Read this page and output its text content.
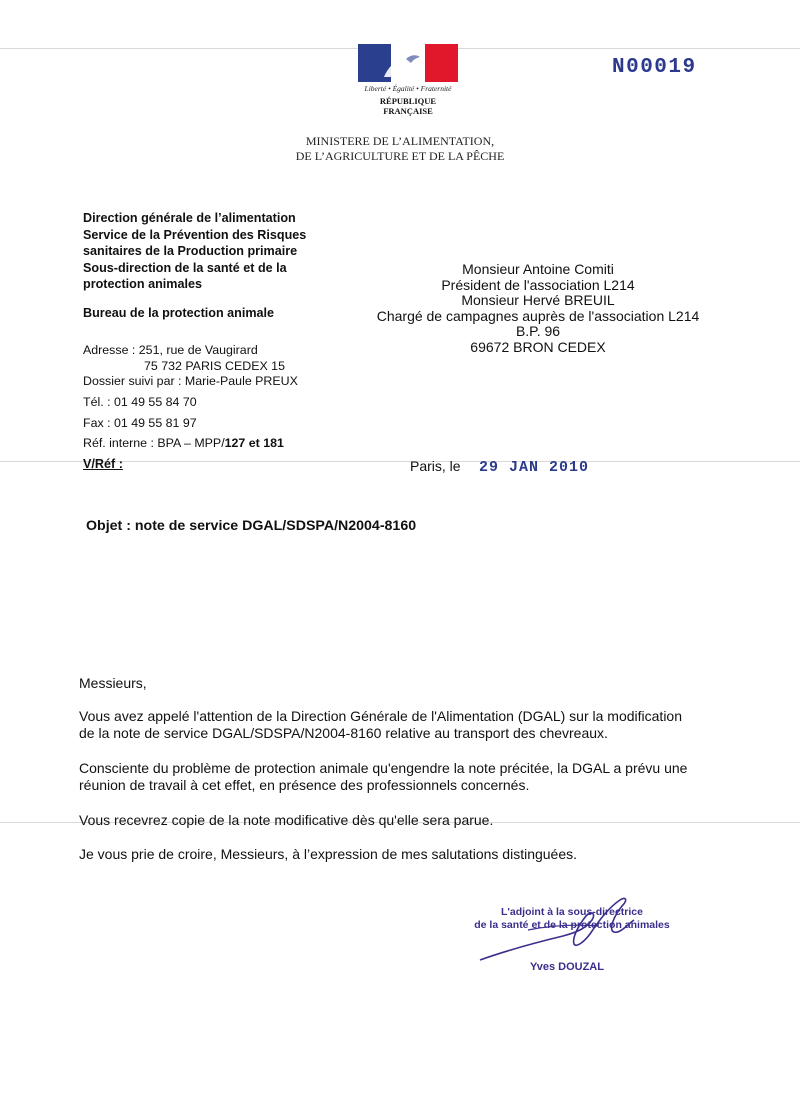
Liberté • Égalité • Fraternité
RÉPUBLIQUE FRANÇAISE
N00019
MINISTERE DE L’ALIMENTATION,
DE L’AGRICULTURE ET DE LA PÊCHE
Direction générale de l’alimentation
Service de la Prévention des Risques
sanitaires de la Production primaire
Sous-direction de la santé et de la
protection animales
Bureau de la protection animale
Adresse : 251, rue de Vaugirard
75 732 PARIS CEDEX 15
Dossier suivi par : Marie-Paule PREUX
Tél. : 01 49 55 84 70
Fax : 01 49 55 81 97
Réf. interne : BPA – MPP/127 et 181
V/Réf :
Monsieur Antoine Comiti
Président de l'association L214
Monsieur Hervé BREUIL
Chargé de campagnes auprès de l'association L214
B.P. 96
69672 BRON CEDEX
Paris, le 29 JAN 2010
Objet : note de service DGAL/SDSPA/N2004-8160
Messieurs,
Vous avez appelé l'attention de la Direction Générale de l'Alimentation (DGAL) sur la modification
de la note de service DGAL/SDSPA/N2004-8160 relative au transport des chevreaux.
Consciente du problème de protection animale qu'engendre la note précitée, la DGAL a prévu une
réunion de travail à cet effet, en présence des professionnels concernés.
Vous recevrez copie de la note modificative dès qu'elle sera parue.
Je vous prie de croire, Messieurs, à l’expression de mes salutations distinguées.
L'adjoint à la sous-directrice
de la santé et de la protection animales
Yves DOUZAL
